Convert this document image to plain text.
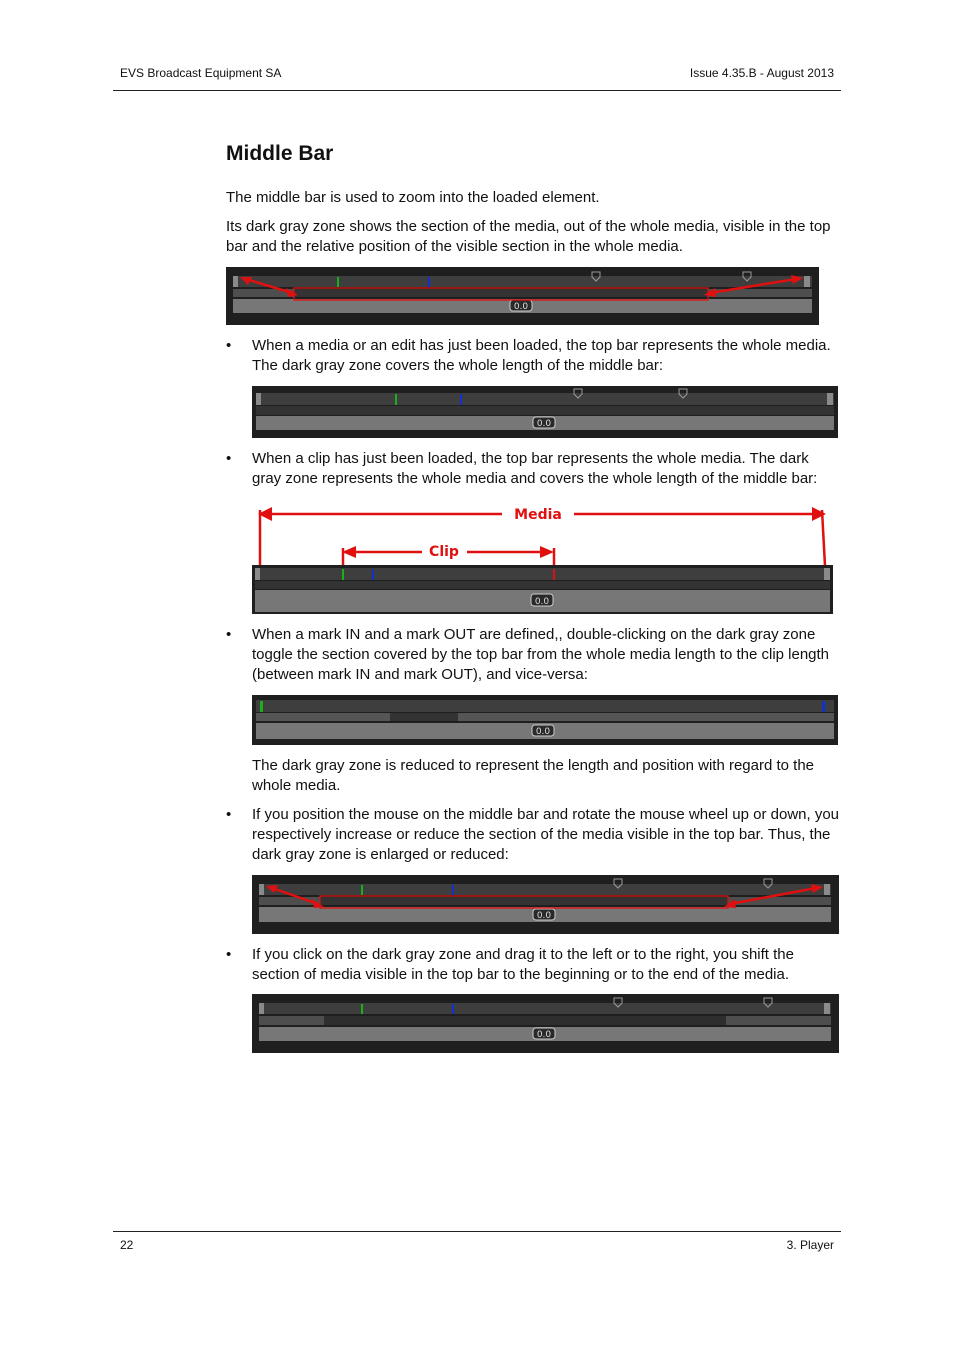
EVS Broadcast Equipment SA	Issue 4.35.B - August 2013
Middle Bar

The middle bar is used to zoom into the loaded element.

Its dark gray zone shows the section of the media, out of the whole media, visible in the top bar and the relative position of the visible section in the whole media.

0.0
• When a media or an edit has just been loaded, the top bar represents the whole media. The dark gray zone covers the whole length of the middle bar:

0.0
• When a clip has just been loaded, the top bar represents the whole media. The dark gray zone represents the whole media and covers the whole length of the middle bar:

Media
Clip
0.0
• When a mark IN and a mark OUT are defined,, double-clicking on the dark gray zone toggle the section covered by the top bar from the whole media length to the clip length (between mark IN and mark OUT), and vice-versa:

0.0

The dark gray zone is reduced to represent the length and position with regard to the whole media.

• If you position the mouse on the middle bar and rotate the mouse wheel up or down, you respectively increase or reduce the section of the media visible in the top bar. Thus, the dark gray zone is enlarged or reduced:

0.0
• If you click on the dark gray zone and drag it to the left or to the right, you shift the section of media visible in the top bar to the beginning or to the end of the media.

0.0
22	3. Player
